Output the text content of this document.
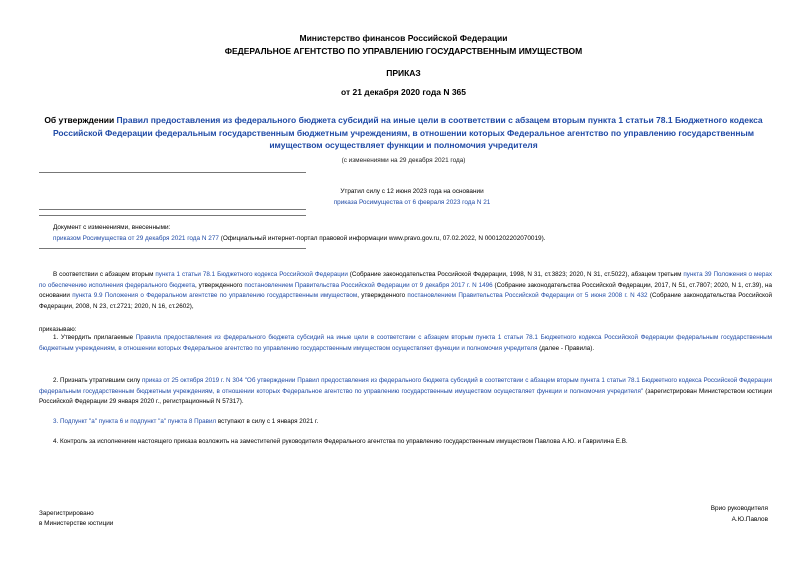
Министерство финансов Российской Федерации
ФЕДЕРАЛЬНОЕ АГЕНТСТВО ПО УПРАВЛЕНИЮ ГОСУДАРСТВЕННЫМ ИМУЩЕСТВОМ
ПРИКАЗ
от 21 декабря 2020 года N 365
Об утверждении Правил предоставления из федерального бюджета субсидий на иные цели в соответствии с абзацем вторым пункта 1 статьи 78.1 Бюджетного кодекса Российской Федерации федеральным государственным бюджетным учреждениям, в отношении которых Федеральное агентство по управлению государственным имуществом осуществляет функции и полномочия учредителя
(с изменениями на 29 декабря 2021 года)
Утратил силу с 12 июня 2023 года на основании
приказа Росимущества от 6 февраля 2023 года N 21
Документ с изменениями, внесенными:
приказом Росимущества от 29 декабря 2021 года N 277 (Официальный интернет-портал правовой информации www.pravo.gov.ru, 07.02.2022, N 0001202202070019).
В соответствии с абзацем вторым пункта 1 статьи 78.1 Бюджетного кодекса Российской Федерации (Собрание законодательства Российской Федерации, 1998, N 31, ст.3823; 2020, N 31, ст.5022), абзацем третьим пункта 39 Положения о мерах по обеспечению исполнения федерального бюджета, утвержденного постановлением Правительства Российской Федерации от 9 декабря 2017 г. N 1496 (Собрание законодательства Российской Федерации, 2017, N 51, ст.7807; 2020, N 1, ст.39), на основании пункта 9.9 Положения о Федеральном агентстве по управлению государственным имуществом, утвержденного постановлением Правительства Российской Федерации от 5 июня 2008 г. N 432 (Собрание законодательства Российской Федерации, 2008, N 23, ст.2721; 2020, N 16, ст.2602),
приказываю:
1. Утвердить прилагаемые Правила предоставления из федерального бюджета субсидий на иные цели в соответствии с абзацем вторым пункта 1 статьи 78.1 Бюджетного кодекса Российской Федерации федеральным государственным бюджетным учреждениям, в отношении которых Федеральное агентство по управлению государственным имуществом осуществляет функции и полномочия учредителя (далее - Правила).
2. Признать утратившим силу приказ от 25 октября 2019 г. N 304 "Об утверждении Правил предоставления из федерального бюджета субсидий в соответствии с абзацем вторым пункта 1 статьи 78.1 Бюджетного кодекса Российской Федерации федеральным государственным бюджетным учреждениям, в отношении которых Федеральное агентство по управлению государственным имуществом осуществляет функции и полномочия учредителя" (зарегистрирован Министерством юстиции Российской Федерации 29 января 2020 г., регистрационный N 57317).
3. Подпункт "а" пункта 6 и подпункт "а" пункта 8 Правил вступают в силу с 1 января 2021 г.
4. Контроль за исполнением настоящего приказа возложить на заместителей руководителя Федерального агентства по управлению государственным имуществом Павлова А.Ю. и Гаврилина Е.В.
Врио руководителя
А.Ю.Павлов
Зарегистрировано
в Министерстве юстиции
